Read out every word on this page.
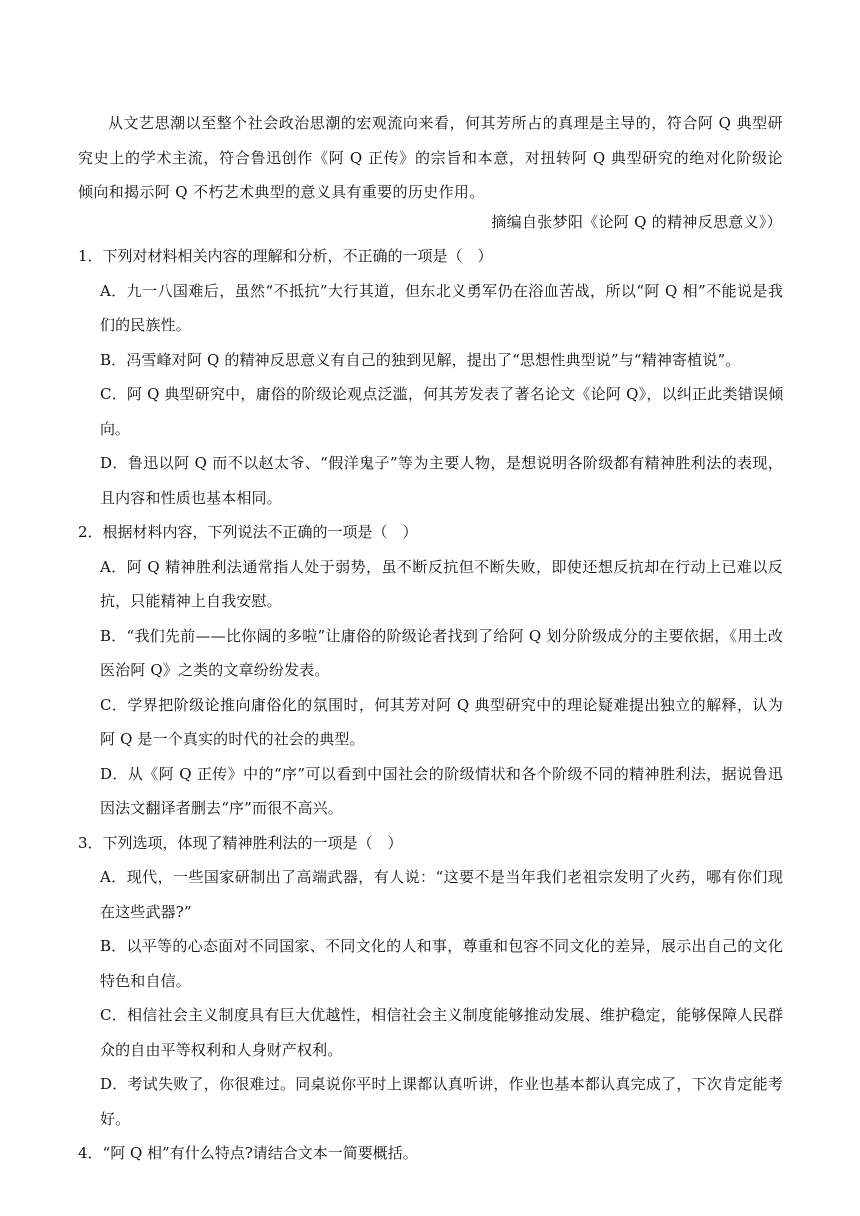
从文艺思潮以至整个社会政治思潮的宏观流向来看，何其芳所占的真理是主导的，符合阿 Q 典型研究史上的学术主流，符合鲁迅创作《阿 Q 正传》的宗旨和本意，对扭转阿 Q 典型研究的绝对化阶级论倾向和揭示阿 Q 不朽艺术典型的意义具有重要的历史作用。

摘编自张梦阳《论阿 Q 的精神反思意义》）

1．下列对材料相关内容的理解和分析，不正确的一项是（　）

A．九一八国难后，虽然“不抵抗”大行其道，但东北义勇军仍在浴血苦战，所以“阿 Q 相”不能说是我们的民族性。

B．冯雪峰对阿 Q 的精神反思意义有自己的独到见解，提出了“思想性典型说”与“精神寄植说”。

C．阿 Q 典型研究中，庸俗的阶级论观点泛滥，何其芳发表了著名论文《论阿 Q》，以纠正此类错误倾向。

D．鲁迅以阿 Q 而不以赵太爷、“假洋鬼子”等为主要人物，是想说明各阶级都有精神胜利法的表现，且内容和性质也基本相同。

2．根据材料内容，下列说法不正确的一项是（　）

A．阿 Q 精神胜利法通常指人处于弱势，虽不断反抗但不断失败，即使还想反抗却在行动上已难以反抗，只能精神上自我安慰。

B．“我们先前——比你阔的多啦”让庸俗的阶级论者找到了给阿 Q 划分阶级成分的主要依据，《用土改医治阿 Q》之类的文章纷纷发表。

C．学界把阶级论推向庸俗化的氛围时，何其芳对阿 Q 典型研究中的理论疑难提出独立的解释，认为阿 Q 是一个真实的时代的社会的典型。

D．从《阿 Q 正传》中的“序”可以看到中国社会的阶级情状和各个阶级不同的精神胜利法，据说鲁迅因法文翻译者删去“序”而很不高兴。

3．下列选项，体现了精神胜利法的一项是（　）

A．现代，一些国家研制出了高端武器，有人说：“这要不是当年我们老祖宗发明了火药，哪有你们现在这些武器?”

B．以平等的心态面对不同国家、不同文化的人和事，尊重和包容不同文化的差异，展示出自己的文化特色和自信。

C．相信社会主义制度具有巨大优越性，相信社会主义制度能够推动发展、维护稳定，能够保障人民群众的自由平等权利和人身财产权利。

D．考试失败了，你很难过。同桌说你平时上课都认真听讲，作业也基本都认真完成了，下次肯定能考好。

4．“阿 Q 相”有什么特点?请结合文本一简要概括。
